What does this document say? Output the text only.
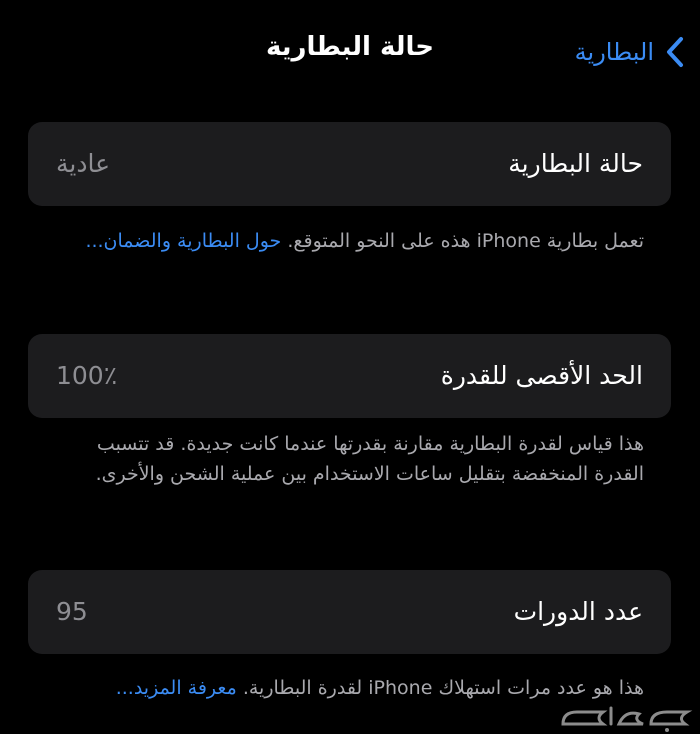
حالة البطارية	البطارية
حالة البطارية
عادية
تعمل بطارية iPhone هذه على النحو المتوقع. حول البطارية والضمان...
الحد الأقصى للقدرة
100٪
هذا قياس لقدرة البطارية مقارنة بقدرتها عندما كانت جديدة. قد تتسبب القدرة المنخفضة بتقليل ساعات الاستخدام بين عملية الشحن والأخرى.
عدد الدورات
95
هذا هو عدد مرات استهلاك iPhone لقدرة البطارية. معرفة المزيد...
